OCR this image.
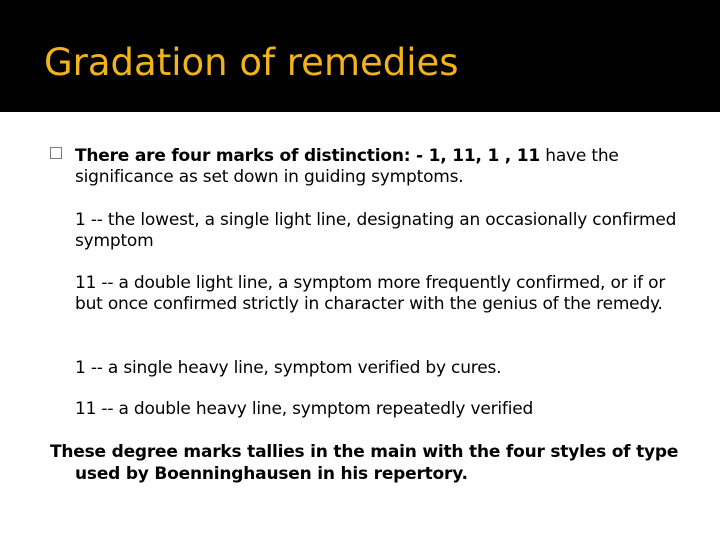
Gradation of remedies

There are four marks of distinction: - 1, 11, 1 , 11 have the significance as set down in guiding symptoms.

1 -- the lowest, a single light line, designating an occasionally confirmed symptom

11 -- a double light line, a symptom more frequently confirmed, or if or but once confirmed strictly in character with the genius of the remedy.

1 -- a single heavy line, symptom verified by cures.

11 -- a double heavy line, symptom repeatedly verified

These degree marks tallies in the main with the four styles of type used by Boenninghausen in his repertory.
